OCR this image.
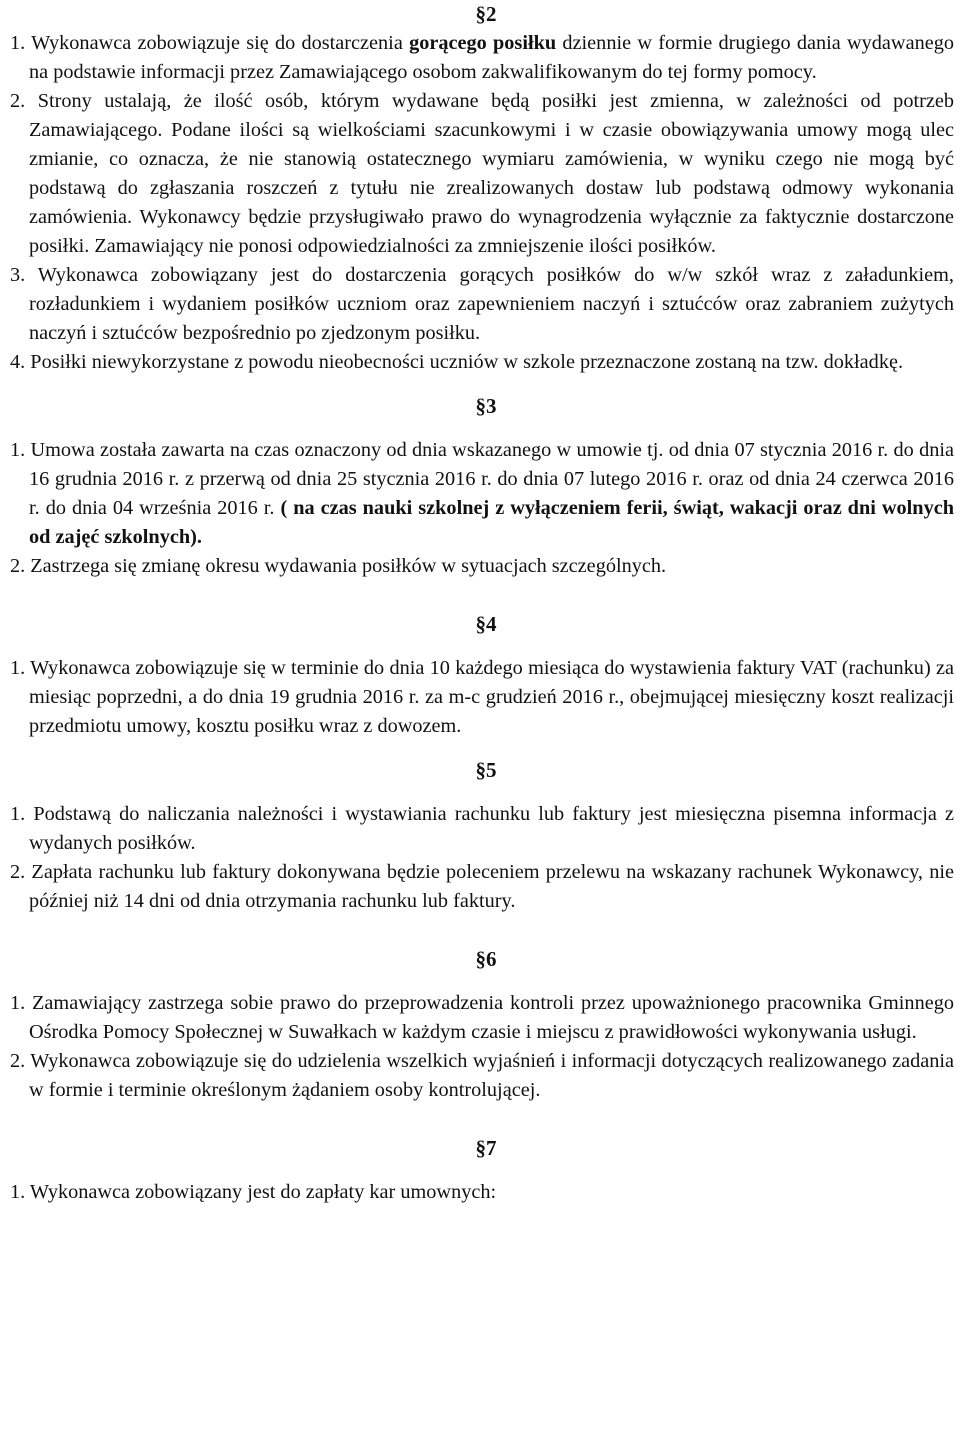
§2

1. Wykonawca zobowiązuje się do dostarczenia gorącego posiłku dziennie w formie drugiego dania wydawanego na podstawie informacji przez Zamawiającego osobom zakwalifikowanym do tej formy pomocy.

2. Strony ustalają, że ilość osób, którym wydawane będą posiłki jest zmienna, w zależności od potrzeb Zamawiającego. Podane ilości są wielkościami szacunkowymi i w czasie obowiązywania umowy mogą ulec zmianie, co oznacza, że nie stanowią ostatecznego wymiaru zamówienia, w wyniku czego nie mogą być podstawą do zgłaszania roszczeń z tytułu nie zrealizowanych dostaw lub podstawą odmowy wykonania zamówienia. Wykonawcy będzie przysługiwało prawo do wynagrodzenia wyłącznie za faktycznie dostarczone posiłki. Zamawiający nie ponosi odpowiedzialności za zmniejszenie ilości posiłków.

3. Wykonawca zobowiązany jest do dostarczenia gorących posiłków do w/w szkół wraz z załadunkiem, rozładunkiem i wydaniem posiłków uczniom oraz zapewnieniem naczyń i sztućców oraz zabraniem zużytych naczyń i sztućców bezpośrednio po zjedzonym posiłku.

4. Posiłki niewykorzystane z powodu nieobecności uczniów w szkole przeznaczone zostaną na tzw. dokładkę.

§3

1. Umowa została zawarta na czas oznaczony od dnia wskazanego w umowie tj. od dnia 07 stycznia 2016 r. do dnia 16 grudnia 2016 r. z przerwą od dnia 25 stycznia 2016 r. do dnia 07 lutego 2016 r. oraz od dnia 24 czerwca 2016 r. do dnia 04 września 2016 r. ( na czas nauki szkolnej z wyłączeniem ferii, świąt, wakacji oraz dni wolnych od zajęć szkolnych).

2. Zastrzega się zmianę okresu wydawania posiłków w sytuacjach szczególnych.

§4

1. Wykonawca zobowiązuje się w terminie do dnia 10 każdego miesiąca do wystawienia faktury VAT (rachunku) za miesiąc poprzedni, a do dnia 19 grudnia 2016 r. za m-c grudzień 2016 r., obejmującej miesięczny koszt realizacji przedmiotu umowy, kosztu posiłku wraz z dowozem.

§5

1. Podstawą do naliczania należności i wystawiania rachunku lub faktury jest miesięczna pisemna informacja z wydanych posiłków.

2. Zapłata rachunku lub faktury dokonywana będzie poleceniem przelewu na wskazany rachunek Wykonawcy, nie później niż 14 dni od dnia otrzymania rachunku lub faktury.

§6

1. Zamawiający zastrzega sobie prawo do przeprowadzenia kontroli przez upoważnionego pracownika Gminnego Ośrodka Pomocy Społecznej w Suwałkach w każdym czasie i miejscu z prawidłowości wykonywania usługi.

2. Wykonawca zobowiązuje się do udzielenia wszelkich wyjaśnień i informacji dotyczących realizowanego zadania w formie i terminie określonym żądaniem osoby kontrolującej.

§7

1. Wykonawca zobowiązany jest do zapłaty kar umownych:
